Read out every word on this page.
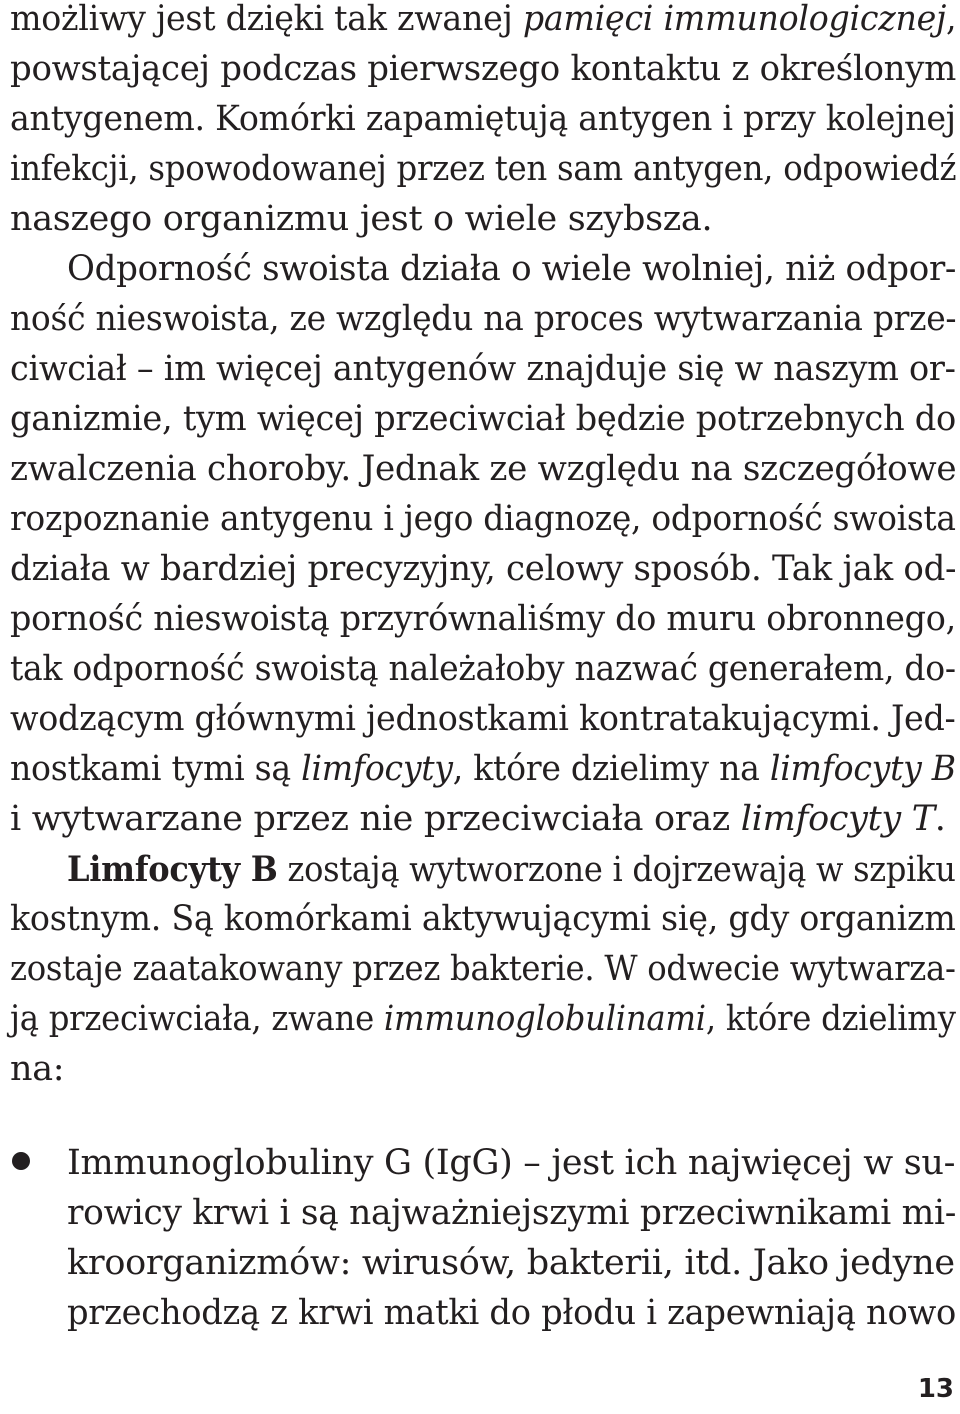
możliwy jest dzięki tak zwanej pamięci immunologicznej,
powstającej podczas pierwszego kontaktu z określonym
antygenem. Komórki zapamiętują antygen i przy kolejnej
infekcji, spowodowanej przez ten sam antygen, odpowiedź
naszego organizmu jest o wiele szybsza.
Odporność swoista działa o wiele wolniej, niż odpor-
ność nieswoista, ze względu na proces wytwarzania prze-
ciwciał – im więcej antygenów znajduje się w naszym or-
ganizmie, tym więcej przeciwciał będzie potrzebnych do
zwalczenia choroby. Jednak ze względu na szczegółowe
rozpoznanie antygenu i jego diagnozę, odporność swoista
działa w bardziej precyzyjny, celowy sposób. Tak jak od-
porność nieswoistą przyrównaliśmy do muru obronnego,
tak odporność swoistą należałoby nazwać generałem, do-
wodzącym głównymi jednostkami kontratakującymi. Jed-
nostkami tymi są limfocyty, które dzielimy na limfocyty B
i wytwarzane przez nie przeciwciała oraz limfocyty T.
Limfocyty B zostają wytworzone i dojrzewają w szpiku
kostnym. Są komórkami aktywującymi się, gdy organizm
zostaje zaatakowany przez bakterie. W odwecie wytwarza-
ją przeciwciała, zwane immunoglobulinami, które dzielimy
na:
Immunoglobuliny G (IgG) – jest ich najwięcej w su-
rowicy krwi i są najważniejszymi przeciwnikami mi-
kroorganizmów: wirusów, bakterii, itd. Jako jedyne
przechodzą z krwi matki do płodu i zapewniają nowo
13
